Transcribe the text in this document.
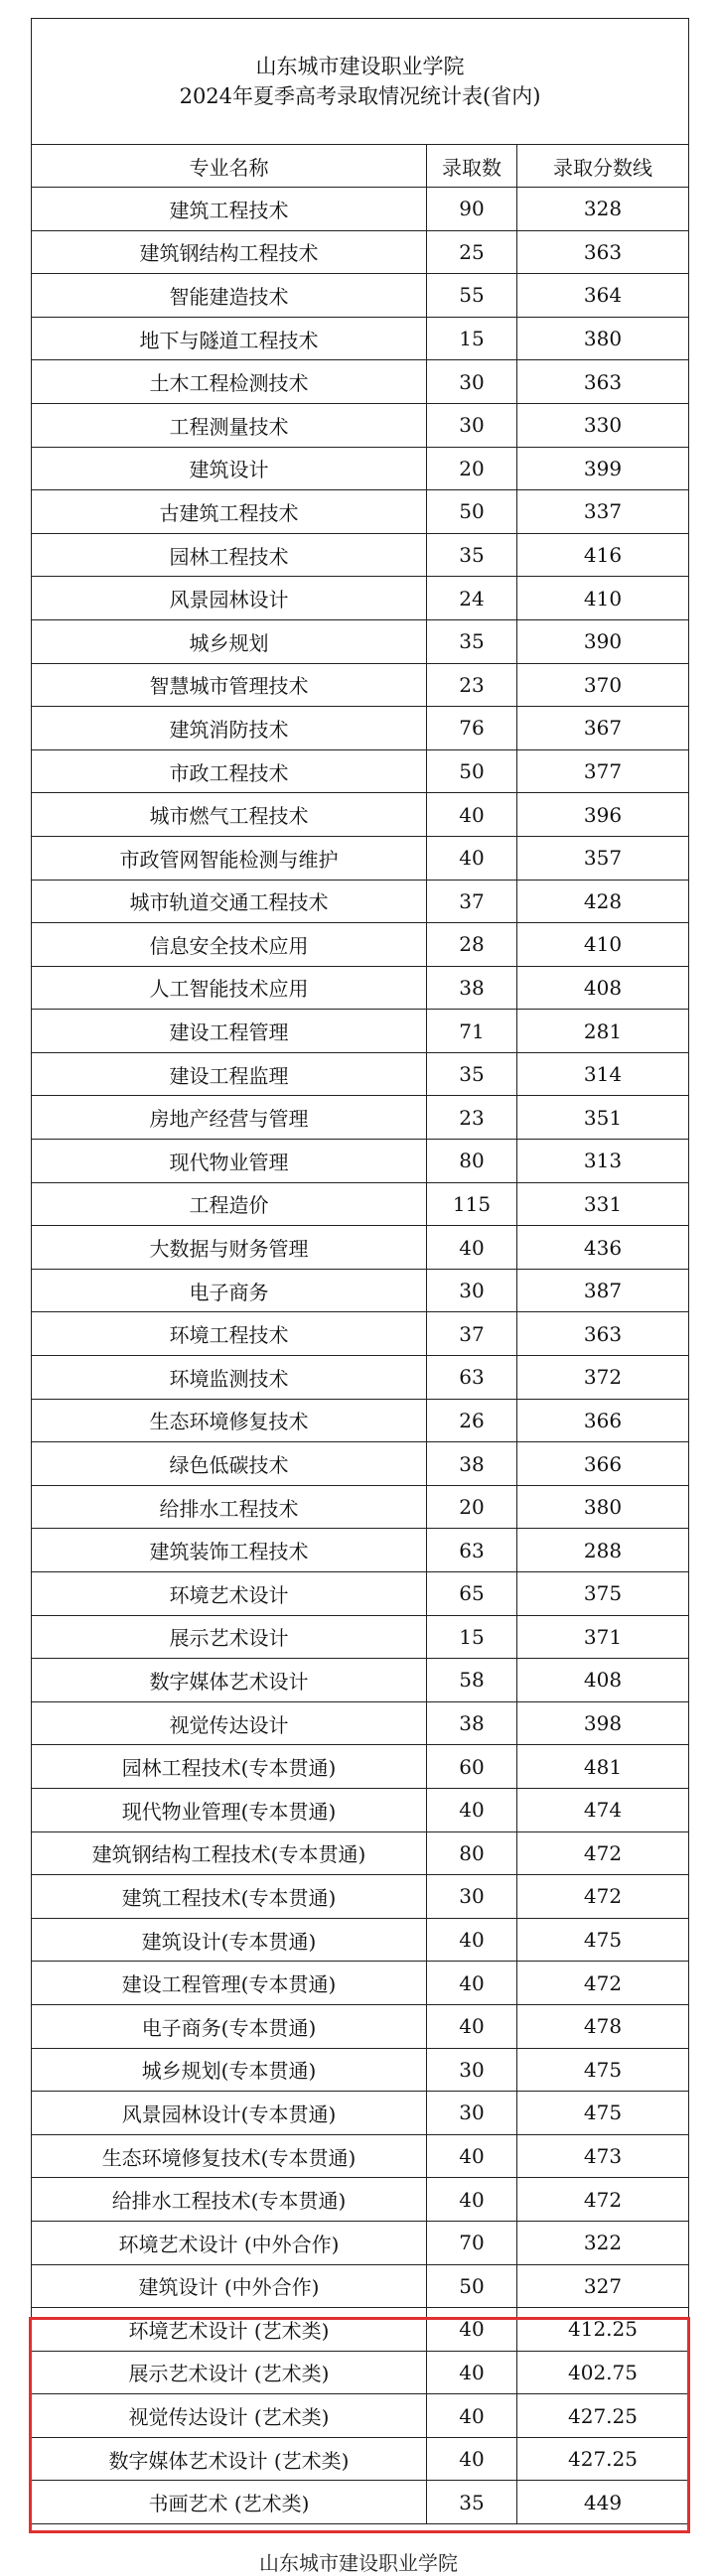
山东城市建设职业学院
2024年夏季高考录取情况统计表(省内)		

专业名称	录取数	录取分数线
建筑工程技术	90	328
建筑钢结构工程技术	25	363
智能建造技术	55	364
地下与隧道工程技术	15	380
土木工程检测技术	30	363
工程测量技术	30	330
建筑设计	20	399
古建筑工程技术	50	337
园林工程技术	35	416
风景园林设计	24	410
城乡规划	35	390
智慧城市管理技术	23	370
建筑消防技术	76	367
市政工程技术	50	377
城市燃气工程技术	40	396
市政管网智能检测与维护	40	357
城市轨道交通工程技术	37	428
信息安全技术应用	28	410
人工智能技术应用	38	408
建设工程管理	71	281
建设工程监理	35	314
房地产经营与管理	23	351
现代物业管理	80	313
工程造价	115	331
大数据与财务管理	40	436
电子商务	30	387
环境工程技术	37	363
环境监测技术	63	372
生态环境修复技术	26	366
绿色低碳技术	38	366
给排水工程技术	20	380
建筑装饰工程技术	63	288
环境艺术设计	65	375
展示艺术设计	15	371
数字媒体艺术设计	58	408
视觉传达设计	38	398
园林工程技术(专本贯通)	60	481
现代物业管理(专本贯通)	40	474
建筑钢结构工程技术(专本贯通)	80	472
建筑工程技术(专本贯通)	30	472
建筑设计(专本贯通)	40	475
建设工程管理(专本贯通)	40	472
电子商务(专本贯通)	40	478
城乡规划(专本贯通)	30	475
风景园林设计(专本贯通)	30	475
生态环境修复技术(专本贯通)	40	473
给排水工程技术(专本贯通)	40	472
环境艺术设计 (中外合作)	70	322
建筑设计 (中外合作)	50	327
环境艺术设计 (艺术类)	40	412.25
展示艺术设计 (艺术类)	40	402.75
视觉传达设计 (艺术类)	40	427.25
数字媒体艺术设计 (艺术类)	40	427.25
书画艺术 (艺术类)	35	449
山东城市建设职业学院
